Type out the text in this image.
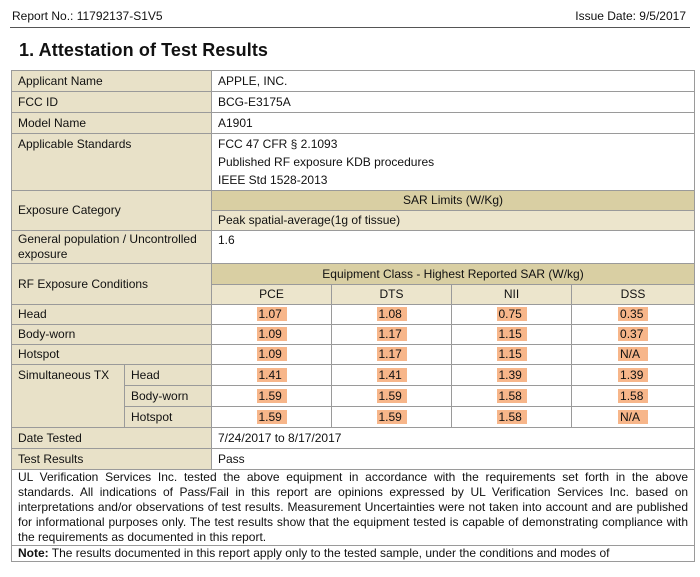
Report No.: 11792137-S1V5	Issue Date: 9/5/2017
1. Attestation of Test Results
Applicant Name		APPLE, INC.			
FCC ID		BCG-E3175A			
Model Name		A1901			
Applicable Standards		FCC 47 CFR § 2.1093
Published RF exposure KDB procedures
IEEE Std 1528-2013			

Exposure Category		SAR Limits (W/Kg)			
		Peak spatial-average(1g of tissue)			
General population / Uncontrolled exposure		1.6			
RF Exposure Conditions		Equipment Class - Highest Reported SAR (W/kg)			
		PCE	DTS	NII	DSS
Head		1.07	1.08	0.75	0.35
Body-worn		1.09	1.17	1.15	0.37
Hotspot		1.09	1.17	1.15	N/A
Simultaneous TX	Head	1.41	1.41	1.39	1.39
	Body-worn	1.59	1.59	1.58	1.58
	Hotspot	1.59	1.59	1.58	N/A
Date Tested		7/24/2017 to 8/17/2017			
Test Results		Pass			
UL Verification Services Inc. tested the above equipment in accordance with the requirements set forth in the above standards. All indications of Pass/Fail in this report are opinions expressed by UL Verification Services Inc. based on interpretations and/or observations of test results. Measurement Uncertainties were not taken into account and are published for informational purposes only. The test results show that the equipment tested is capable of demonstrating compliance with the requirements as documented in this report.					
Note: The results documented in this report apply only to the tested sample, under the conditions and modes of					
